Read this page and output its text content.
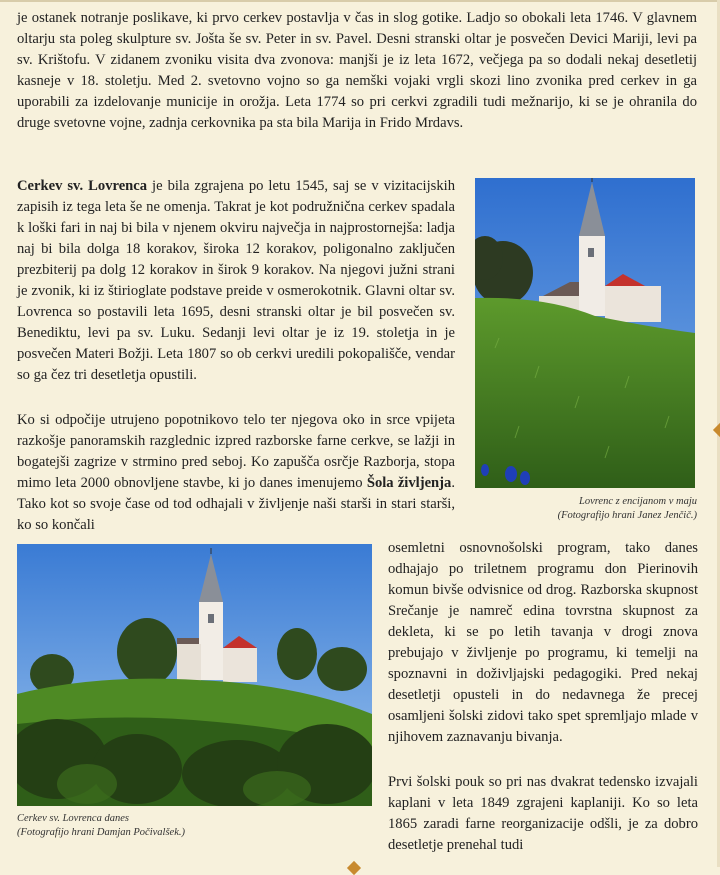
je ostanek notranje poslikave, ki prvo cerkev postavlja v čas in slog gotike. Ladjo so obokali leta 1746. V glavnem oltarju sta poleg skulpture sv. Jošta še sv. Peter in sv. Pavel. Desni stranski oltar je posvečen Devici Mariji, levi pa sv. Krištofu. V zidanem zvoniku visita dva zvonova: manjši je iz leta 1672, večjega pa so dodali nekaj desetletij kasneje v 18. stoletju. Med 2. svetovno vojno so ga nemški vojaki vrgli skozi lino zvonika pred cerkev in ga uporabili za izdelovanje municije in orožja. Leta 1774 so pri cerkvi zgradili tudi mežnarijo, ki se je ohranila do druge svetovne vojne, zadnja cerkovnika pa sta bila Marija in Frido Mrdavs.

Cerkev sv. Lovrenca je bila zgrajena po letu 1545, saj se v vizitacijskih zapisih iz tega leta še ne omenja. Takrat je kot podružnična cerkev spadala k loški fari in naj bi bila v njenem okviru največja in najprostornejša: ladja naj bi bila dolga 18 korakov, široka 12 korakov, poligonalno zaključen prezbiterij pa dolg 12 korakov in širok 9 korakov. Na njegovi južni strani je zvonik, ki iz štirioglate podstave preide v osmerokotnik. Glavni oltar sv. Lovrenca so postavili leta 1695, desni stranski oltar je bil posvečen sv. Benediktu, levi pa sv. Luku. Sedanji levi oltar je iz 19. stoletja in je posvečen Materi Božji. Leta 1807 so ob cerkvi uredili pokopališče, vendar so ga čez tri desetletja opustili.

Ko si odpočije utrujeno popotnikovo telo ter njegova oko in srce vpijeta razkošje panoramskih razglednic izpred razborske farne cerkve, se lažji in bogatejši zagrize v strmino pred seboj. Ko zapušča osrčje Razborja, stopa mimo leta 2000 obnovljene stavbe, ki jo danes imenujemo Šola življenja. Tako kot so svoje čase od tod odhajali v življenje naši starši in stari starši, ko so končali

osemletni osnovnošolski program, tako danes odhajajo po triletnem programu don Pierinovih komun bivše odvisnice od drog. Razborska skupnost Srečanje je namreč edina tovrstna skupnost za dekleta, ki se po letih tavanja v drogi znova prebujajo v življenje po programu, ki temelji na spoznavni in doživljajski pedagogiki. Pred nekaj desetletji opusteli in do nedavnega že precej osamljeni šolski zidovi tako spet spremljajo mlade v njihovem zaznavanju bivanja.

Prvi šolski pouk so pri nas dvakrat tedensko izvajali kaplani v leta 1849 zgrajeni kaplaniji. Ko so leta 1865 zaradi farne reorganizacije odšli, je za dobro desetletje prenehal tudi

Lovrenc z encijanom v maju
(Fotografijo hrani Janez Jenčič.)
Cerkev sv. Lovrenca danes
(Fotografijo hrani Damjan Počivalšek.)
